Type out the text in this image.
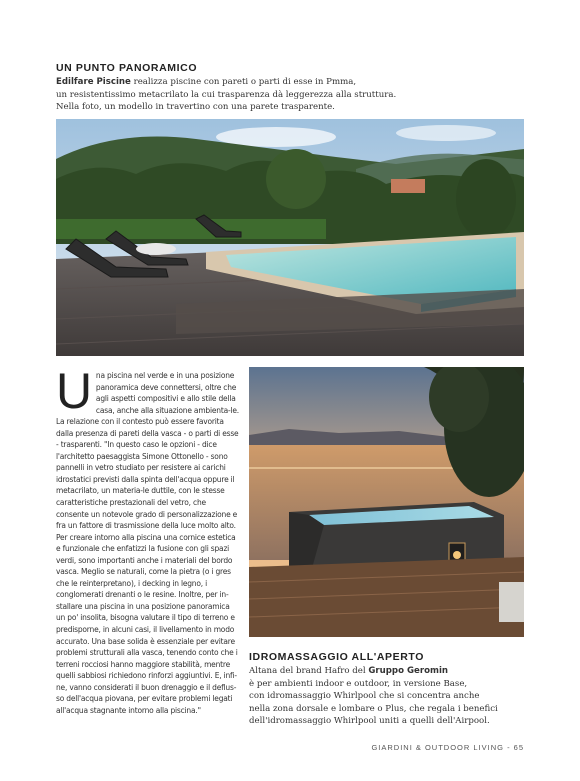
UN PUNTO PANORAMICO

Edilfare Piscine realizza piscine con pareti o parti di esse in Pmma,
un resistentissimo metacrilato la cui trasparenza dà leggerezza alla struttura.
Nella foto, un modello in travertino con una parete trasparente.

U na piscina nel verde e in una posizione panoramica deve connettersi, oltre che agli aspetti compositivi e allo stile della casa, anche alla situazione ambienta-le. La relazione con il contesto può essere favorita dalla presenza di pareti della vasca - o parti di esse - trasparenti. "In questo caso le opzioni - dice l'architetto paesaggista Simone Ottonello - sono pannelli in vetro studiato per resistere ai carichi idrostatici previsti dalla spinta dell'acqua oppure il metacrilato, un materia-le duttile, con le stesse caratteristiche prestazionali del vetro, che consente un notevole grado di personalizzazione e fra un fattore di trasmissione della luce molto alto. Per creare intorno alla piscina una cornice estetica e funzionale che enfatizzi la fusione con gli spazi verdi, sono importanti anche i materiali del bordo vasca. Meglio se naturali, come la pietra (o i gres che le reinterpretano), i decking in legno, i conglomerati drenanti o le resine. Inoltre, per in-stallare una piscina in una posizione panoramica un po' insolita, bisogna valutare il tipo di terreno e predisporne, in alcuni casi, il livellamento in modo accurato. Una base solida è essenziale per evitare problemi strutturali alla vasca, tenendo conto che i terreni rocciosi hanno maggiore stabilità, mentre quelli sabbiosi richiedono rinforzi aggiuntivi. E, infi-ne, vanno considerati il buon drenaggio e il deflus-so dell'acqua piovana, per evitare problemi legati all'acqua stagnante intorno alla piscina."

IDROMASSAGGIO ALL'APERTO

Altana del brand Hafro del Gruppo Geromin
è per ambienti indoor e outdoor, in versione Base,
con idromassaggio Whirlpool che si concentra anche
nella zona dorsale e lombare o Plus, che regala i benefici
dell'idromassaggio Whirlpool uniti a quelli dell'Airpool.

GIARDINI & OUTDOOR LIVING - 65
